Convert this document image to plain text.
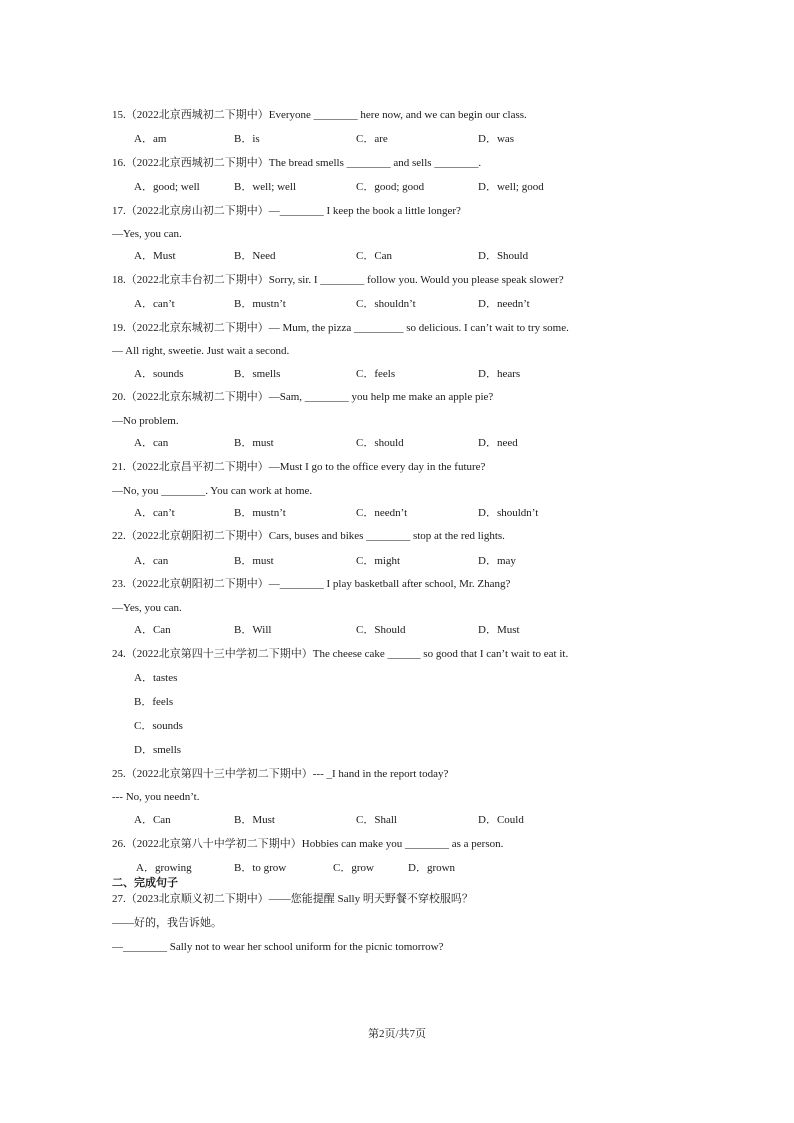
15.（2022北京西城初二下期中）Everyone ________ here now, and we can begin our class.
A．am	B．is	C．are	D．was
16.（2022北京西城初二下期中）The bread smells ________ and sells ________.
A．good; well	B．well; well	C．good; good	D．well; good
17.（2022北京房山初二下期中）—________ I keep the book a little longer?
—Yes, you can.
A．Must	B．Need	C．Can	D．Should
18.（2022北京丰台初二下期中）Sorry, sir. I ________ follow you. Would you please speak slower?
A．can’t	B．mustn’t	C．shouldn’t	D．needn’t
19.（2022北京东城初二下期中）— Mum, the pizza _________ so delicious. I can’t wait to try some.
— All right, sweetie. Just wait a second.
A．sounds	B．smells	C．feels	D．hears
20.（2022北京东城初二下期中）—Sam, ________ you help me make an apple pie?
—No problem.
A．can	B．must	C．should	D．need
21.（2022北京昌平初二下期中）—Must I go to the office every day in the future?
—No, you ________. You can work at home.
A．can’t	B．mustn’t	C．needn’t	D．shouldn’t
22.（2022北京朝阳初二下期中）Cars, buses and bikes ________ stop at the red lights.
A．can	B．must	C．might	D．may
23.（2022北京朝阳初二下期中）—________ I play basketball after school, Mr. Zhang?
—Yes, you can.
A．Can	B．Will	C．Should	D．Must
24.（2022北京第四十三中学初二下期中）The cheese cake ______ so good that I can’t wait to eat it.
A．tastes
B．feels
C．sounds
D．smells
25.（2022北京第四十三中学初二下期中）--- _I hand in the report today?
--- No, you needn’t.
A．Can	B．Must	C．Shall	D．Could
26.（2022北京第八十中学初二下期中）Hobbies can make you ________ as a person.
A．growing	B．to grow	C．grow	D．grown
二、完成句子
27.（2023北京顺义初二下期中）——您能提醒 Sally 明天野餐不穿校服吗？
——好的，我告诉她。
—________ Sally not to wear her school uniform for the picnic tomorrow?
第2页/共7页
